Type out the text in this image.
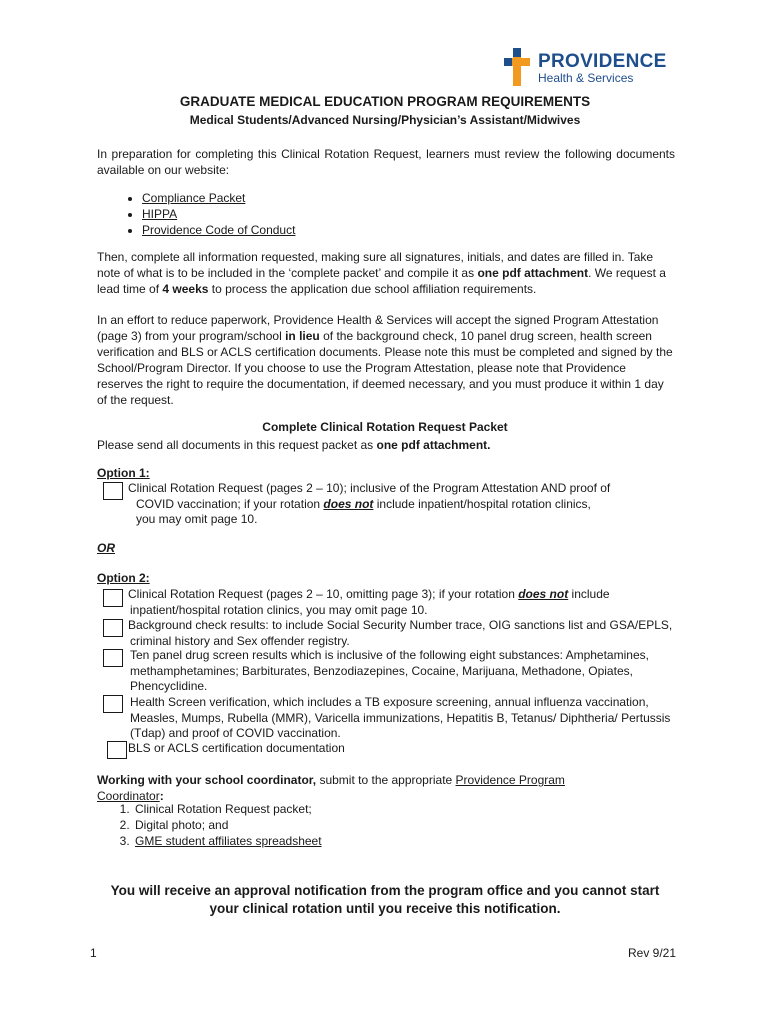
PROVIDENCE
Health & Services
GRADUATE MEDICAL EDUCATION PROGRAM REQUIREMENTS
Medical Students/Advanced Nursing/Physician’s Assistant/Midwives
In preparation for completing this Clinical Rotation Request, learners must review the following documents available on our website:
• Compliance Packet
• HIPPA
• Providence Code of Conduct
Then, complete all information requested, making sure all signatures, initials, and dates are filled in. Take note of what is to be included in the ‘complete packet’ and compile it as one pdf attachment. We request a lead time of 4 weeks to process the application due school affiliation requirements.
In an effort to reduce paperwork, Providence Health & Services will accept the signed Program Attestation (page 3) from your program/school in lieu of the background check, 10 panel drug screen, health screen verification and BLS or ACLS certification documents. Please note this must be completed and signed by the School/Program Director. If you choose to use the Program Attestation, please note that Providence reserves the right to require the documentation, if deemed necessary, and you must produce it within 1 day of the request.
Complete Clinical Rotation Request Packet
Please send all documents in this request packet as one pdf attachment.
Option 1:
Clinical Rotation Request (pages 2 – 10); inclusive of the Program Attestation AND proof of
COVID vaccination; if your rotation does not include inpatient/hospital rotation clinics,
you may omit page 10.
OR
Option 2:
Clinical Rotation Request (pages 2 – 10, omitting page 3); if your rotation does not include
inpatient/hospital rotation clinics, you may omit page 10.
Background check results: to include Social Security Number trace, OIG sanctions list and GSA/EPLS,
criminal history and Sex offender registry.
Ten panel drug screen results which is inclusive of the following eight substances: Amphetamines,
methamphetamines; Barbiturates, Benzodiazepines, Cocaine, Marijuana, Methadone, Opiates,
Phencyclidine.
Health Screen verification, which includes a TB exposure screening, annual influenza vaccination,
Measles, Mumps, Rubella (MMR), Varicella immunizations, Hepatitis B, Tetanus/ Diphtheria/ Pertussis
(Tdap) and proof of COVID vaccination.
BLS or ACLS certification documentation
Working with your school coordinator, submit to the appropriate Providence Program
Coordinator:
1. Clinical Rotation Request packet;
2. Digital photo; and
3. GME student affiliates spreadsheet
You will receive an approval notification from the program office and you cannot start
your clinical rotation until you receive this notification.
1	Rev 9/21
